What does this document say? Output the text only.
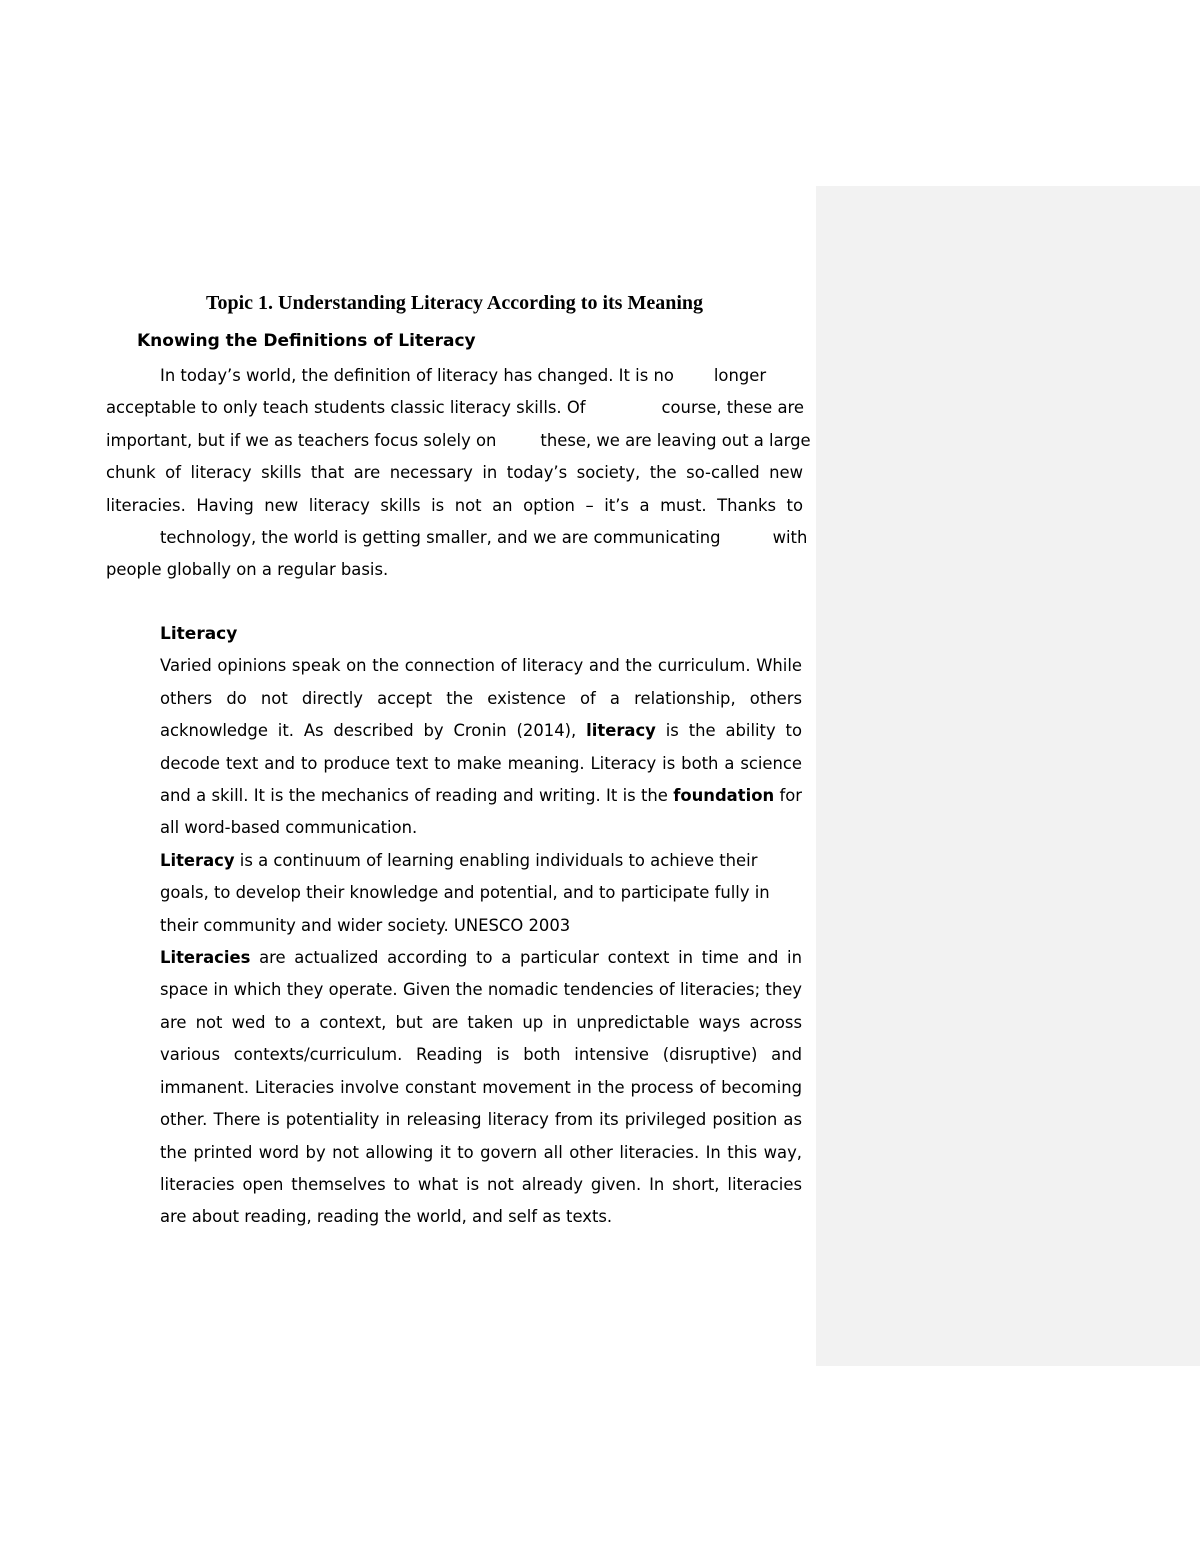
Topic 1. Understanding Literacy According to its Meaning
Knowing the Definitions of Literacy
In today’s world, the definition of literacy has changed. It is no longer
acceptable to only teach students classic literacy skills. Of	course, these are
important, but if we as teachers focus solely on	these, we are leaving out a large
chunk of literacy skills that are necessary in today’s society, the so-called new
literacies. Having new literacy skills is not an option – it’s a must. Thanks to
technology, the world is getting smaller, and we are communicating	with
people globally on a regular basis.
Literacy

Varied opinions speak on the connection of literacy and the curriculum. While others do not directly accept the existence of a relationship, others acknowledge it. As described by Cronin (2014), literacy is the ability to decode text and to produce text to make meaning. Literacy is both a science and a skill. It is the mechanics of reading and writing. It is the foundation for all word-based communication.

Literacy is a continuum of learning enabling individuals to achieve their goals, to develop their knowledge and potential, and to participate fully in their community and wider society. UNESCO 2003

Literacies are actualized according to a particular context in time and in space in which they operate. Given the nomadic tendencies of literacies; they are not wed to a context, but are taken up in unpredictable ways across various contexts/curriculum. Reading is both intensive (disruptive) and immanent. Literacies involve constant movement in the process of becoming other. There is potentiality in releasing literacy from its privileged position as the printed word by not allowing it to govern all other literacies. In this way, literacies open themselves to what is not already given. In short, literacies are about reading, reading the world, and self as texts.
